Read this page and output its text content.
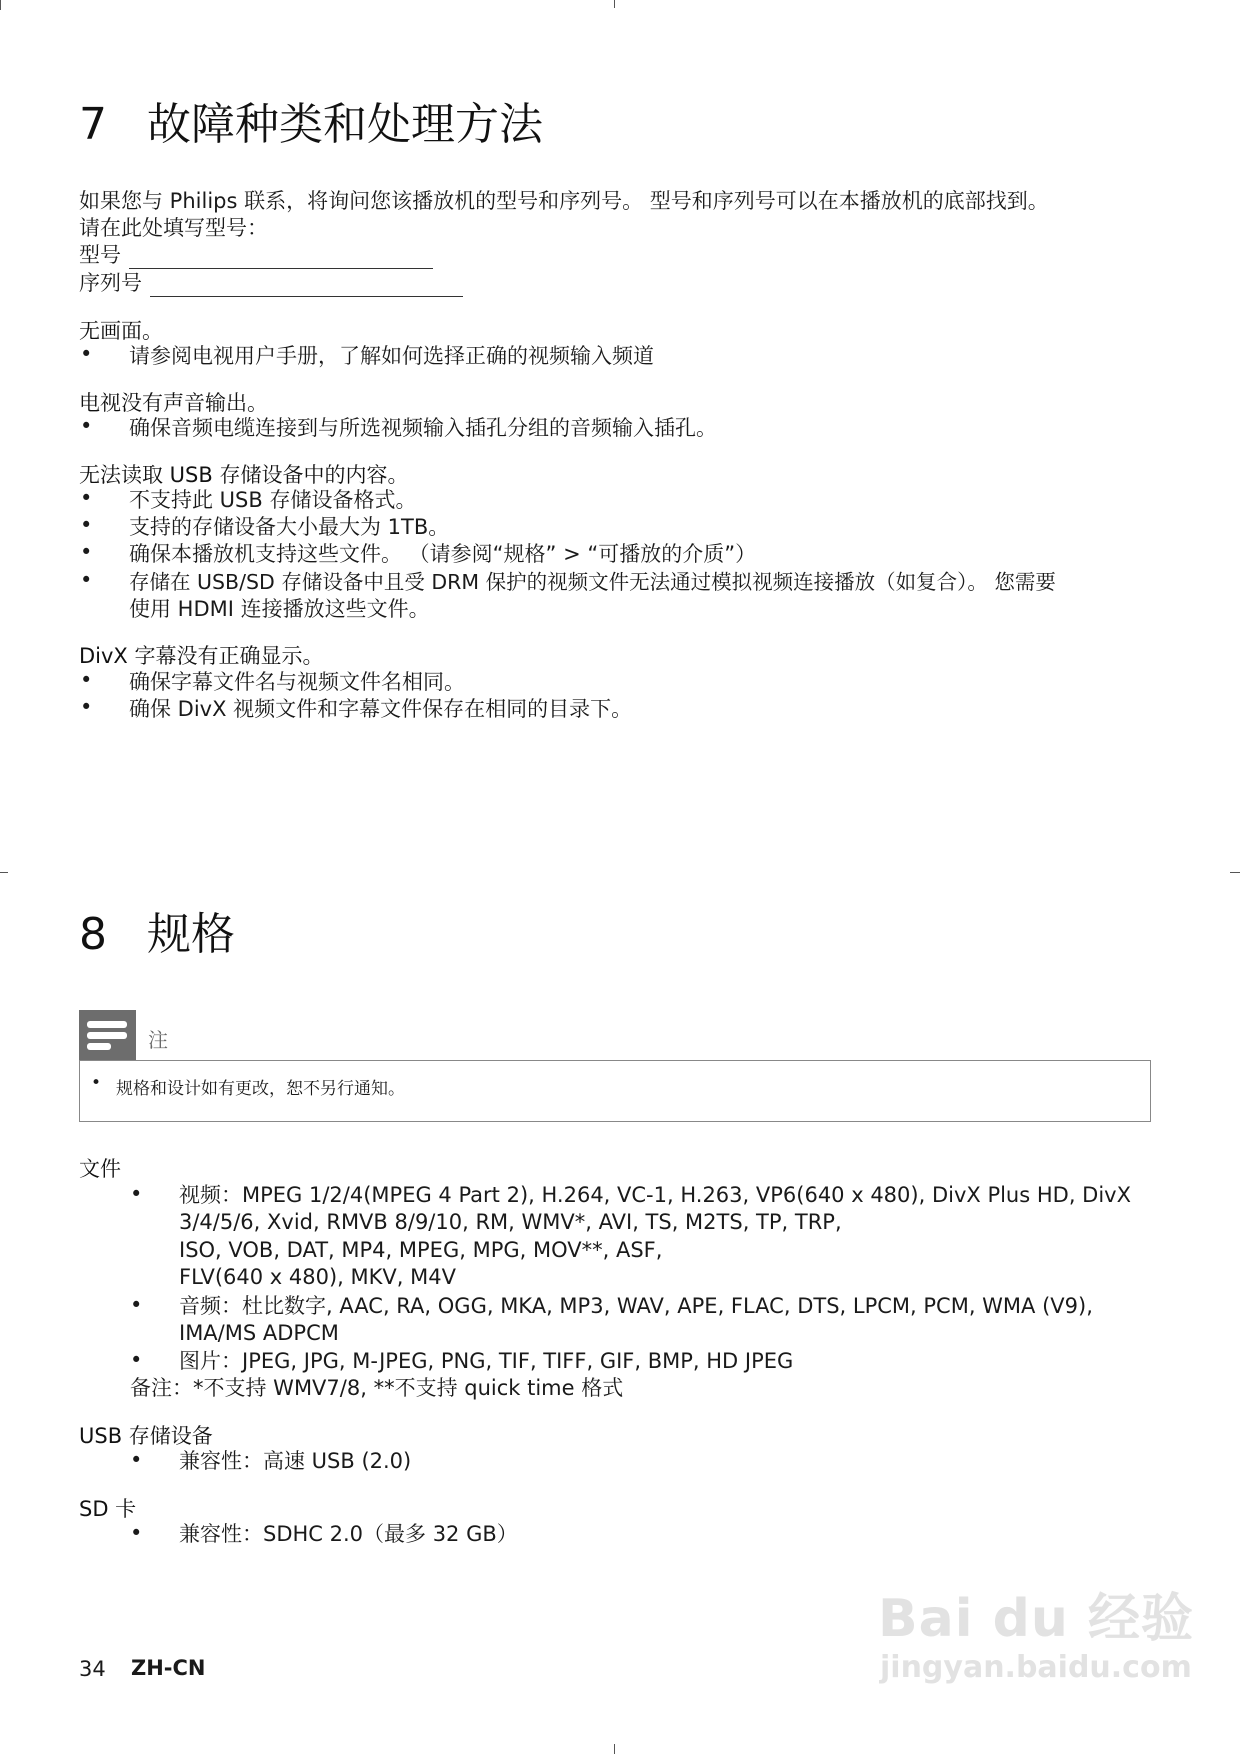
7 故障种类和处理方法
如果您与 Philips 联系，将询问您该播放机的型号和序列号。 型号和序列号可以在本播放机的底部找到。
请在此处填写型号：
型号
序列号
无画面。
• 请参阅电视用户手册，了解如何选择正确的视频输入频道
电视没有声音输出。
• 确保音频电缆连接到与所选视频输入插孔分组的音频输入插孔。
无法读取 USB 存储设备中的内容。
• 不支持此 USB 存储设备格式。
• 支持的存储设备大小最大为 1TB。
• 确保本播放机支持这些文件。 （请参阅“规格” > “可播放的介质”）
• 存储在 USB/SD 存储设备中且受 DRM 保护的视频文件无法通过模拟视频连接播放（如复合）。 您需要
使用 HDMI 连接播放这些文件。
DivX 字幕没有正确显示。
• 确保字幕文件名与视频文件名相同。
• 确保 DivX 视频文件和字幕文件保存在相同的目录下。
8 规格
注
• 规格和设计如有更改，恕不另行通知。
文件
• 视频：MPEG 1/2/4(MPEG 4 Part 2), H.264, VC-1, H.263, VP6(640 x 480), DivX Plus HD, DivX
3/4/5/6, Xvid, RMVB 8/9/10, RM, WMV*, AVI, TS, M2TS, TP, TRP,
ISO, VOB, DAT, MP4, MPEG, MPG, MOV**, ASF,
FLV(640 x 480), MKV, M4V
• 音频：杜比数字, AAC, RA, OGG, MKA, MP3, WAV, APE, FLAC, DTS, LPCM, PCM, WMA (V9),
IMA/MS ADPCM
• 图片：JPEG, JPG, M-JPEG, PNG, TIF, TIFF, GIF, BMP, HD JPEG
备注：*不支持 WMV7/8, **不支持 quick time 格式
USB 存储设备
• 兼容性：高速 USB (2.0)
SD 卡
• 兼容性：SDHC 2.0（最多 32 GB）
34 ZH-CN
Bai du 经验
jingyan.baidu.com
